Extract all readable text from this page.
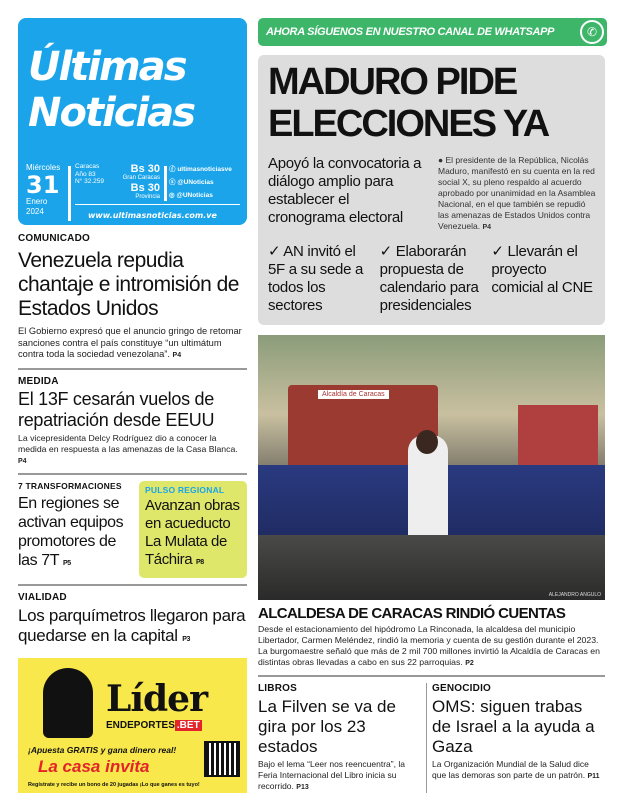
Últimas
Noticias
Miércoles
31
Enero
2024
Caracas
Año 83
N° 32.259
Bs 30
Gran Caracas
Bs 30
Provincia
ⓕ ultimasnoticiasve
ⓧ @UNoticias
◎ @UNoticias
www.ultimasnoticias.com.ve
COMUNICADO
Venezuela repudia chantaje e intromisión de Estados Unidos
El Gobierno expresó que el anuncio gringo de retomar sanciones contra el país constituye “un ultimátum contra toda la sociedad venezolana”. P4
MEDIDA
El 13F cesarán vuelos de repatriación desde EEUU
La vicepresidenta Delcy Rodríguez dio a conocer la medida en respuesta a las amenazas de la Casa Blanca. P4
7 TRANSFORMACIONES
En regiones se activan equipos promotores de las 7T P5
PULSO REGIONAL
Avanzan obras en acueducto La Mulata de Táchira P8
VIALIDAD
Los parquímetros llegaron para quedarse en la capital P3
Líder
ENDEPORTES .BET
¡Apuesta GRATIS y gana dinero real!
La casa invita
Regístrate y recibe un bono de 20 jugadas ¡Lo que ganes es tuyo!
AHORA SÍGUENOS EN NUESTRO CANAL DE WHATSAPP	✆
MADURO PIDE
ELECCIONES YA
Apoyó la convocatoria a diálogo amplio para establecer el cronograma electoral
● El presidente de la República, Nicolás Maduro, manifestó en su cuenta en la red social X, su pleno respaldo al acuerdo aprobado por unanimidad en la Asamblea Nacional, en el que también se repudió las amenazas de Estados Unidos contra Venezuela. P4
✓ AN invitó el 5F a su sede a todos los sectores
✓ Elaborarán propuesta de calendario para presidenciales
✓ Llevarán el proyecto comicial al CNE
Alcaldía de Caracas
ALEJANDRO ANGULO
ALCALDESA DE CARACAS RINDIÓ CUENTAS
Desde el estacionamiento del hipódromo La Rinconada, la alcaldesa del municipio Libertador, Carmen Meléndez, rindió la memoria y cuenta de su gestión durante el 2023. La burgomaestre señaló que más de 2 mil 700 millones invirtió la Alcaldía de Caracas en distintas obras llevadas a cabo en sus 22 parroquias. P2
LIBROS
La Filven se va de gira por los 23 estados
Bajo el lema “Leer nos reencuentra”, la Feria Internacional del Libro inicia su recorrido. P13
GENOCIDIO
OMS: siguen trabas de Israel a la ayuda a Gaza
La Organización Mundial de la Salud dice que las demoras son parte de un patrón. P11
